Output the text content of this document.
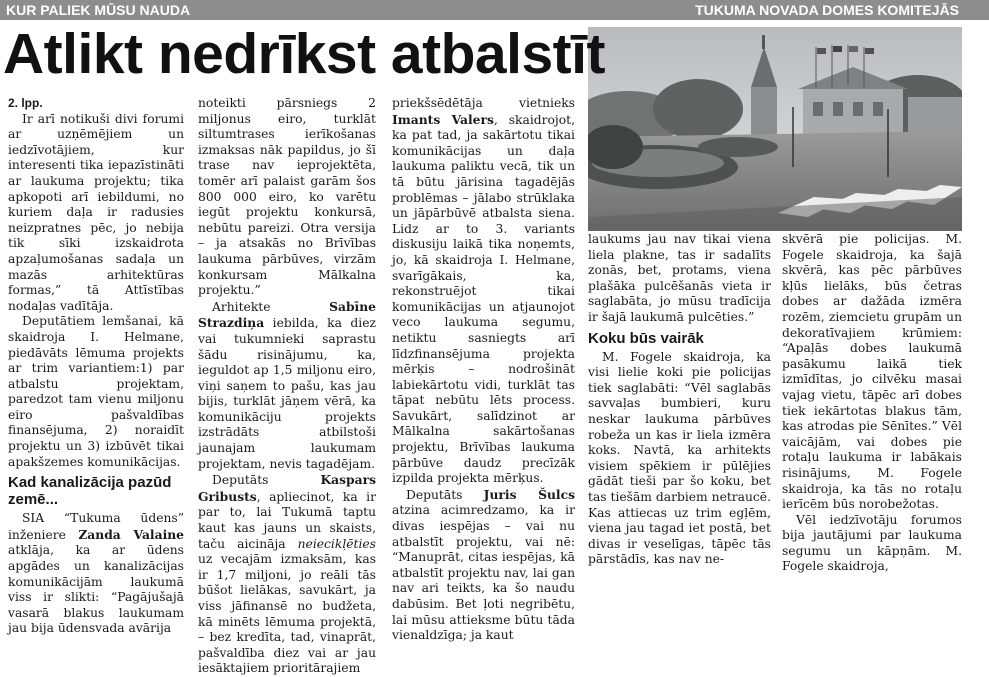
KUR PALIEK MŪSU NAUDA	TUKUMA NOVADA DOMES KOMITEJĀS
Atlikt nedrīkst atbalstīt

2. lpp.

Ir arī notikuši divi forumi ar uzņēmējiem un iedzīvotājiem, kur interesenti tika iepazīstināti ar laukuma projektu; tika apkopoti arī iebildumi, no kuriem daļa ir radusies neizpratnes pēc, jo nebija tik sīki izskaidrota apzaļumošanas sadaļa un mazās arhitektūras formas,” tā Attīstības nodaļas vadītāja.

Deputātiem lemšanai, kā skaidroja I. Helmane, piedāvāts lēmuma projekts ar trim variantiem:1) par atbalstu projektam, paredzot tam vienu miljonu eiro pašvaldības finansējuma, 2) noraidīt projektu un 3) izbūvēt tikai apakšzemes komunikācijas.

Kad kanalizācija pazūd zemē...

SIA “Tukuma ūdens” inženiere Zanda Valaine atklāja, ka ar ūdens apgādes un kanalizācijas komunikācijām laukumā viss ir slikti: “Pagājušajā vasarā blakus laukumam jau bija ūdensvada avārija

noteikti pārsniegs 2 miljonus eiro, turklāt siltumtrases ierīkošanas izmaksas nāk papildus, jo šī trase nav ieprojektēta, tomēr arī palaist garām šos 800 000 eiro, ko varētu iegūt projektu konkursā, nebūtu pareizi. Otra versija – ja atsakās no Brīvības laukuma pārbūves, virzām konkursam Mālkalna projektu.”

Arhitekte Sabīne Strazdiņa iebilda, ka diez vai tukumnieki saprastu šādu risinājumu, ka, ieguldot ap 1,5 miljonu eiro, viņi saņem to pašu, kas jau bijis, turklāt jāņem vērā, ka komunikāciju projekts izstrādāts atbilstoši jaunajam laukumam projektam, nevis tagadējam.

Deputāts Kaspars Gribusts, aplieсinot, ka ir par to, lai Tukumā taptu kaut kas jauns un skaists, taču aicināja neiecikļēties uz vecajām izmaksām, kas ir 1,7 miljoni, jo reāli tās būšot lielākas, savukārt, ja viss jāfinansē no budžeta, kā minēts lēmuma projektā, – bez kredīta, tad, vinaprāt, pašvaldība diez vai ar jau iesāktajiem prioritārajiem

priekšsēdētāja vietnieks Imants Valers, skaidrojot, ka pat tad, ja sakārtotu tikai komunikācijas un daļa laukuma paliktu vecā, tik un tā būtu jārisina tagadējās problēmas – jālabo strūklaka un jāpārbūvē atbalsta siena. Lidz ar to 3. variants diskusiju laikā tika noņemts, jo, kā skaidroja I. Helmane, svarīgākais, ka, rekonstruējot tikai komunikācijas un atjaunojot veco laukuma segumu, netiktu sasniegts arī līdzfinansējuma projekta mērķis – nodrošināt labiekārtotu vidi, turklāt tas tāpat nebūtu lēts process. Savukārt, salīdzinot ar Mālkalna sakārtošanas projektu, Brīvības laukuma pārbūve daudz precīzāk izpilda projekta mērķus.

Deputāts Juris Šulcs atzina acimredzamo, ka ir divas iespējas – vai nu atbalstīt projektu, vai nē: “Manuprāt, citas iespējas, kā atbalstīt projektu nav, lai gan nav ari teikts, ka šo naudu dabūsim. Bet ļoti negribētu, lai mūsu attieksme būtu tāda vienaldzīga; ja kaut

laukums jau nav tikai viena liela plakne, tas ir sadalīts zonās, bet, protams, viena plašāka pulcēšanās vieta ir saglabāta, jo mūsu tradīcija ir šajā laukumā pulcēties.”

Koku būs vairāk

M. Fogele skaidroja, ka visi lielie koki pie policijas tiek saglabāti: “Vēl saglabās savvaļas bumbieri, kuru neskar laukuma pārbūves robeža un kas ir liela izmēra koks. Navtā, ka arhitekts visiem spēkiem ir pūlējies gādāt tieši par šo koku, bet tas tiešām darbiem netraucē. Kas attiecas uz trim egļēm, viena jau tagad iet postā, bet divas ir veselīgas, tāpēc tās pārstādīs, kas nav ne-

skvērā pie policijas. M. Fogele skaidroja, ka šajā skvērā, kas pēc pārbūves kļūs lielāks, būs četras dobes ar dažāda izmēra rozēm, ziemcietu grupām un dekoratīvajiem krūmiem: “Apaļās dobes laukumā pasākumu laikā tiek izmīdītas, jo cilvēku masai vajag vietu, tāpēc arī dobes tiek iekārtotas blakus tām, kas atrodas pie Sēnītes.” Vēl vaicājām, vai dobes pie rotaļu laukuma ir labākais risinājums, M. Fogele skaidroja, ka tās no rotaļu ierīcēm būs norobežotas.

Vēl iedzīvotāju forumos bija jautājumi par laukuma segumu un kāpņām. M. Fogele skaidroja,
